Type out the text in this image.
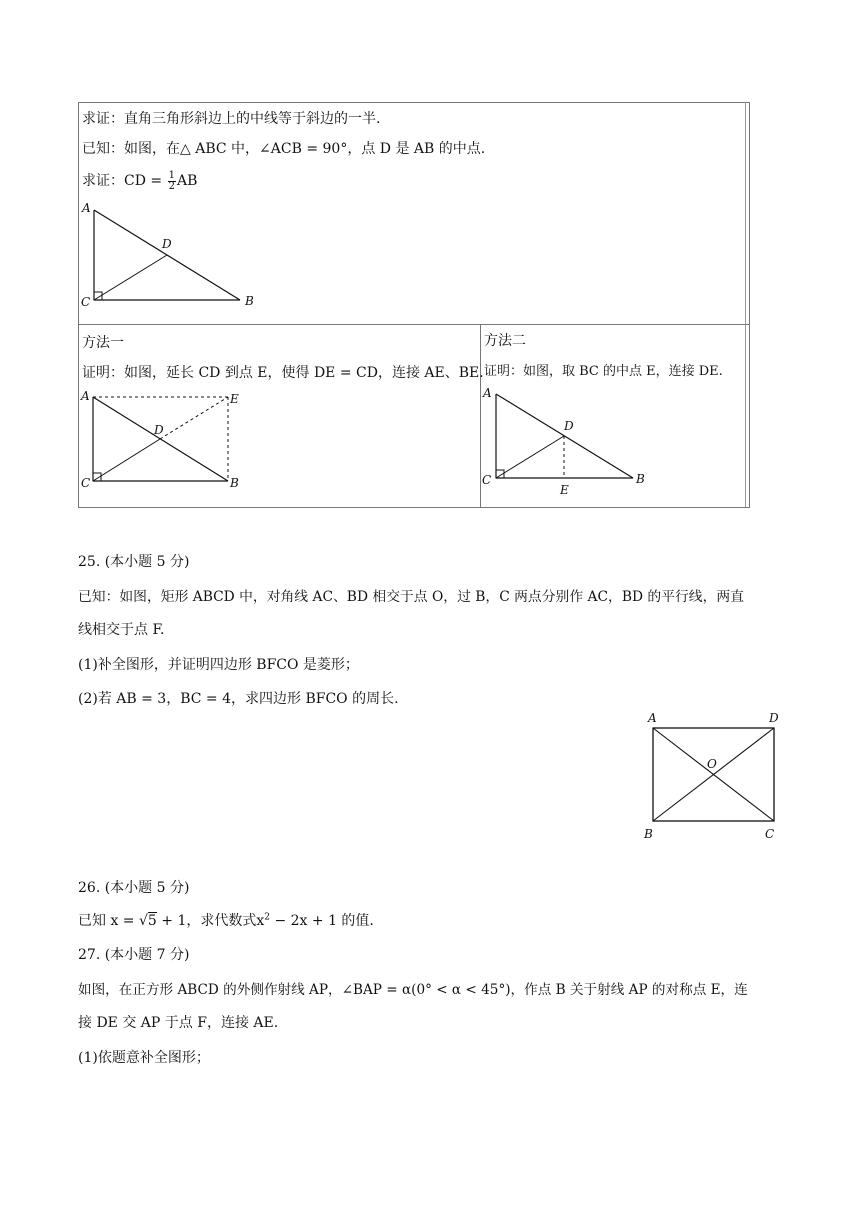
求证：直角三角形斜边上的中线等于斜边的一半.
已知：如图，在△ ABC 中，∠ACB = 90°，点 D 是 AB 的中点.
求证：CD = $\frac{1}{2}$ AB
A
D
C	B
方法一
证明：如图，延长 CD 到点 E，使得 DE = CD，连接 AE、BE.
A	E
D
C	B
方法二
证明：如图，取 BC 的中点 E，连接 DE.
A
D
C	B
E
25. (本小题 5 分)
已知：如图，矩形 ABCD 中，对角线 AC、BD 相交于点 O，过 B，C 两点分别作 AC，BD 的平行线，两直
线相交于点 F.
(1)补全图形，并证明四边形 BFCO 是菱形；
(2)若 AB = 3，BC = 4，求四边形 BFCO 的周长.
A	D
O
B	C
26. (本小题 5 分)
已知 x = √5 + 1，求代数式$x^2 - 2x + 1$ 的值.
27. (本小题 7 分)
如图，在正方形 ABCD 的外侧作射线 AP，∠BAP = α(0° < α < 45°)，作点 B 关于射线 AP 的对称点 E，连
接 DE 交 AP 于点 F，连接 AE.
(1)依题意补全图形；
